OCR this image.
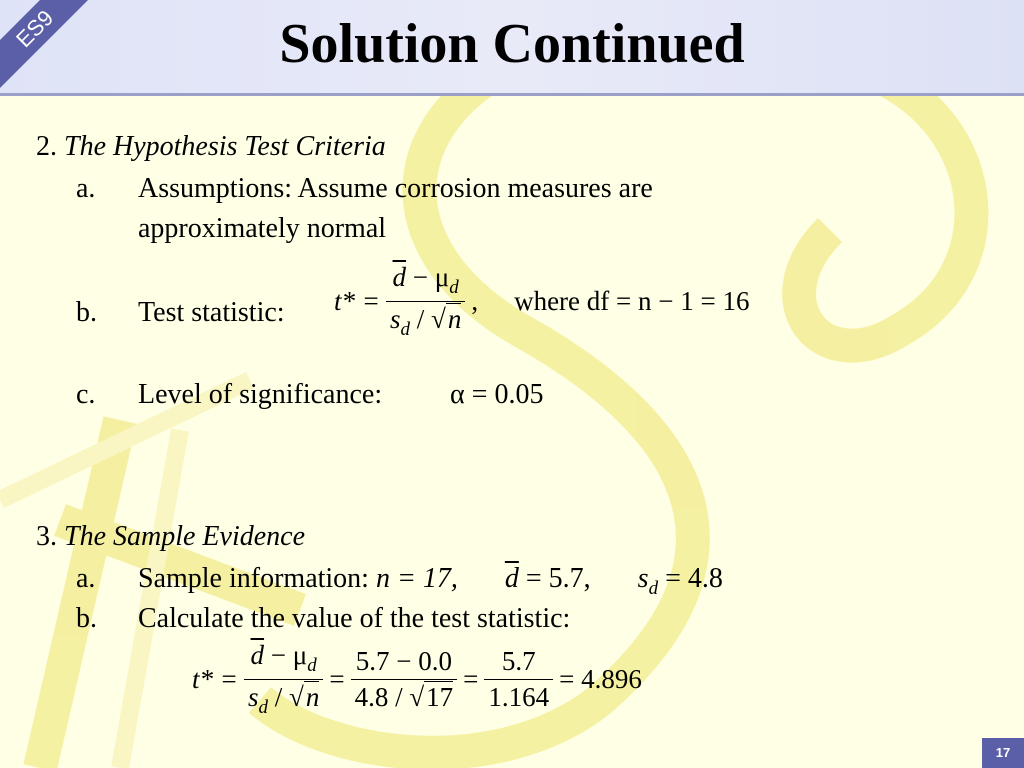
ES9	Solution Continued
2. The Hypothesis Test Criteria
a. Assumptions: Assume corrosion measures are
approximately normal
b. Test statistic: $t* = \frac{\overline{d} - \mu_d}{s_d / √n}$ , where df = n − 1 = 16
c. Level of significance: α = 0.05
3. The Sample Evidence
a. Sample information: n = 17, $\overline{d} = 5.7$, $s_d = 4.8$
b. Calculate the value of the test statistic:
$t* = \frac{\overline{d} - \mu_d}{s_d / √n} = \frac{5.7 - 0.0}{4.8 / √17} = \frac{5.7}{1.164} = 4.896$
17
